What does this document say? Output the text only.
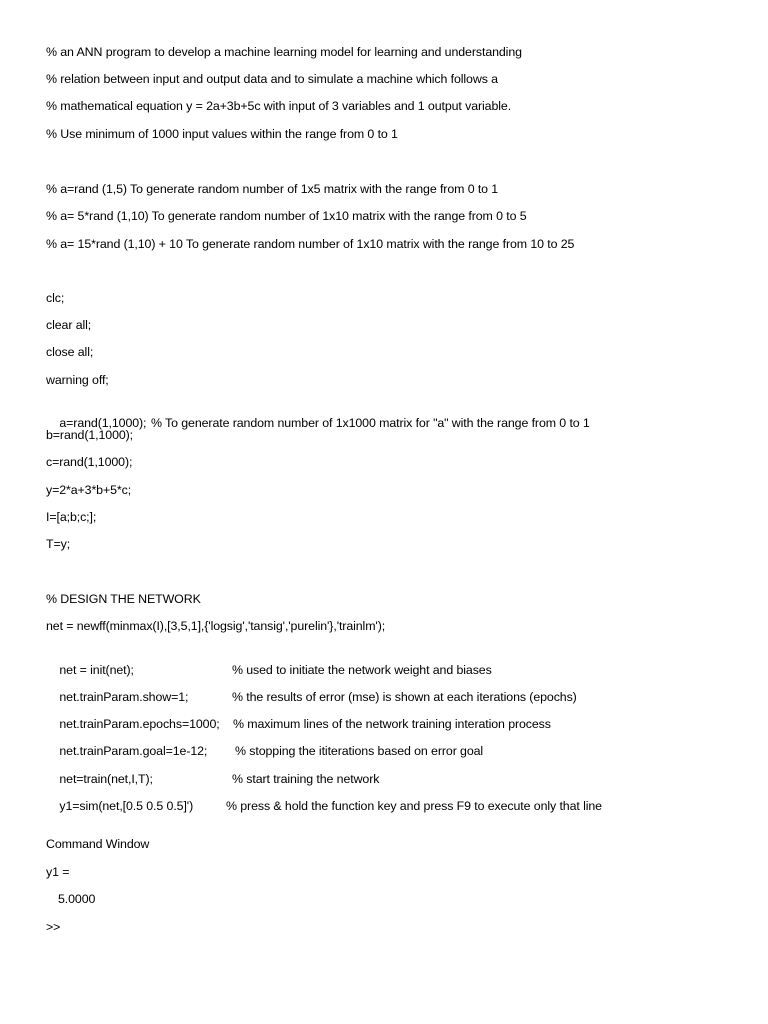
% an ANN program to develop a machine learning model for learning and understanding
% relation between input and output data and to simulate a machine which follows a
% mathematical equation y = 2a+3b+5c with input of 3 variables and 1 output variable.
% Use minimum of 1000 input values within the range from 0 to 1
% a=rand (1,5) To generate random number of 1x5 matrix with the range from 0 to 1
% a= 5*rand (1,10) To generate random number of 1x10 matrix with the range from 0 to 5
% a= 15*rand (1,10) + 10 To generate random number of 1x10 matrix with the range from 10 to 25
clc;
clear all;
close all;
warning off;

a=rand(1,1000); % To generate random number of 1x1000 matrix for "a" with the range from 0 to 1

b=rand(1,1000);
c=rand(1,1000);
y=2*a+3*b+5*c;
I=[a;b;c;];
T=y;
% DESIGN THE NETWORK
net = newff(minmax(I),[3,5,1],{'logsig','tansig','purelin'},'trainlm');

net = init(net);	% used to initiate the network weight and biases

net.trainParam.show=1;	% the results of error (mse) is shown at each iterations (epochs)

net.trainParam.epochs=1000; % maximum lines of the network training interation process

net.trainParam.goal=1e-12; % stopping the ititerations based on error goal

net=train(net,I,T);	% start training the network

y1=sim(net,[0.5 0.5 0.5]')	% press & hold the function key and press F9 to execute only that line

Command Window
y1 =
5.0000
>>
